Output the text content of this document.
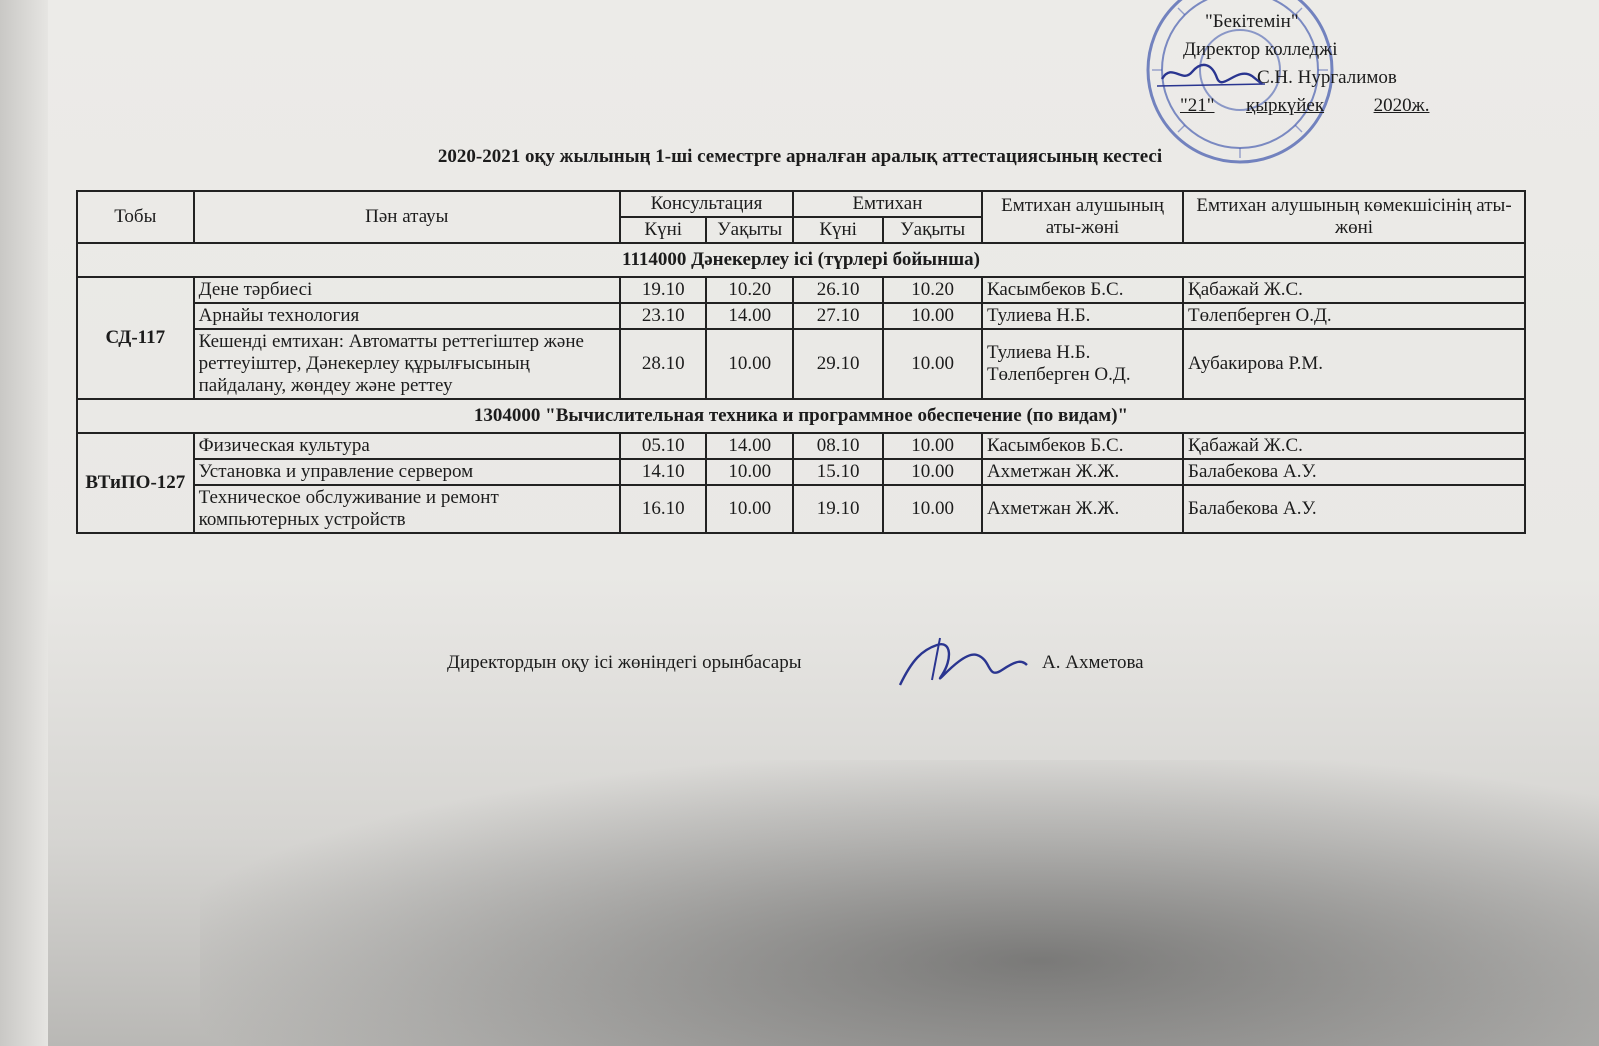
"Бекітемін"
Директор колледжі
С.Н. Нургалимов
"21" қыркүйек	2020ж.
2020-2021 оқу жылының 1-ші семестрге арналған аралық аттестациясының кестесі
Тобы	Пән атауы	Консультация		Емтихан		Емтихан алушының аты-жөні	Емтихан алушының көмекшісінің аты-жөні
		Күні	Уақыты	Күні	Уақыты		
1114000 Дәнекерлеу ісі (түрлері бойынша)							
СД-117	Дене тәрбиесі	19.10	10.20	26.10	10.20	Касымбеков Б.С.	Қабажай Ж.С.
	Арнайы технология	23.10	14.00	27.10	10.00	Тулиева Н.Б.	Төлепберген О.Д.
	Кешенді емтихан: Автоматты реттегіштер және реттеуіштер, Дәнекерлеу құрылғысының пайдалану, жөндеу және реттеу	28.10	10.00	29.10	10.00	Тулиева Н.Б. Төлепберген О.Д.	Аубакирова Р.М.
1304000 "Вычислительная техника и программное обеспечение (по видам)"							
ВТиПО-127	Физическая культура	05.10	14.00	08.10	10.00	Касымбеков Б.С.	Қабажай Ж.С.
	Установка и управление сервером	14.10	10.00	15.10	10.00	Ахметжан Ж.Ж.	Балабекова А.У.
	Техническое обслуживание и ремонт компьютерных устройств	16.10	10.00	19.10	10.00	Ахметжан Ж.Ж.	Балабекова А.У.
Директордын оқу ісі жөніндегі орынбасары	А. Ахметова
